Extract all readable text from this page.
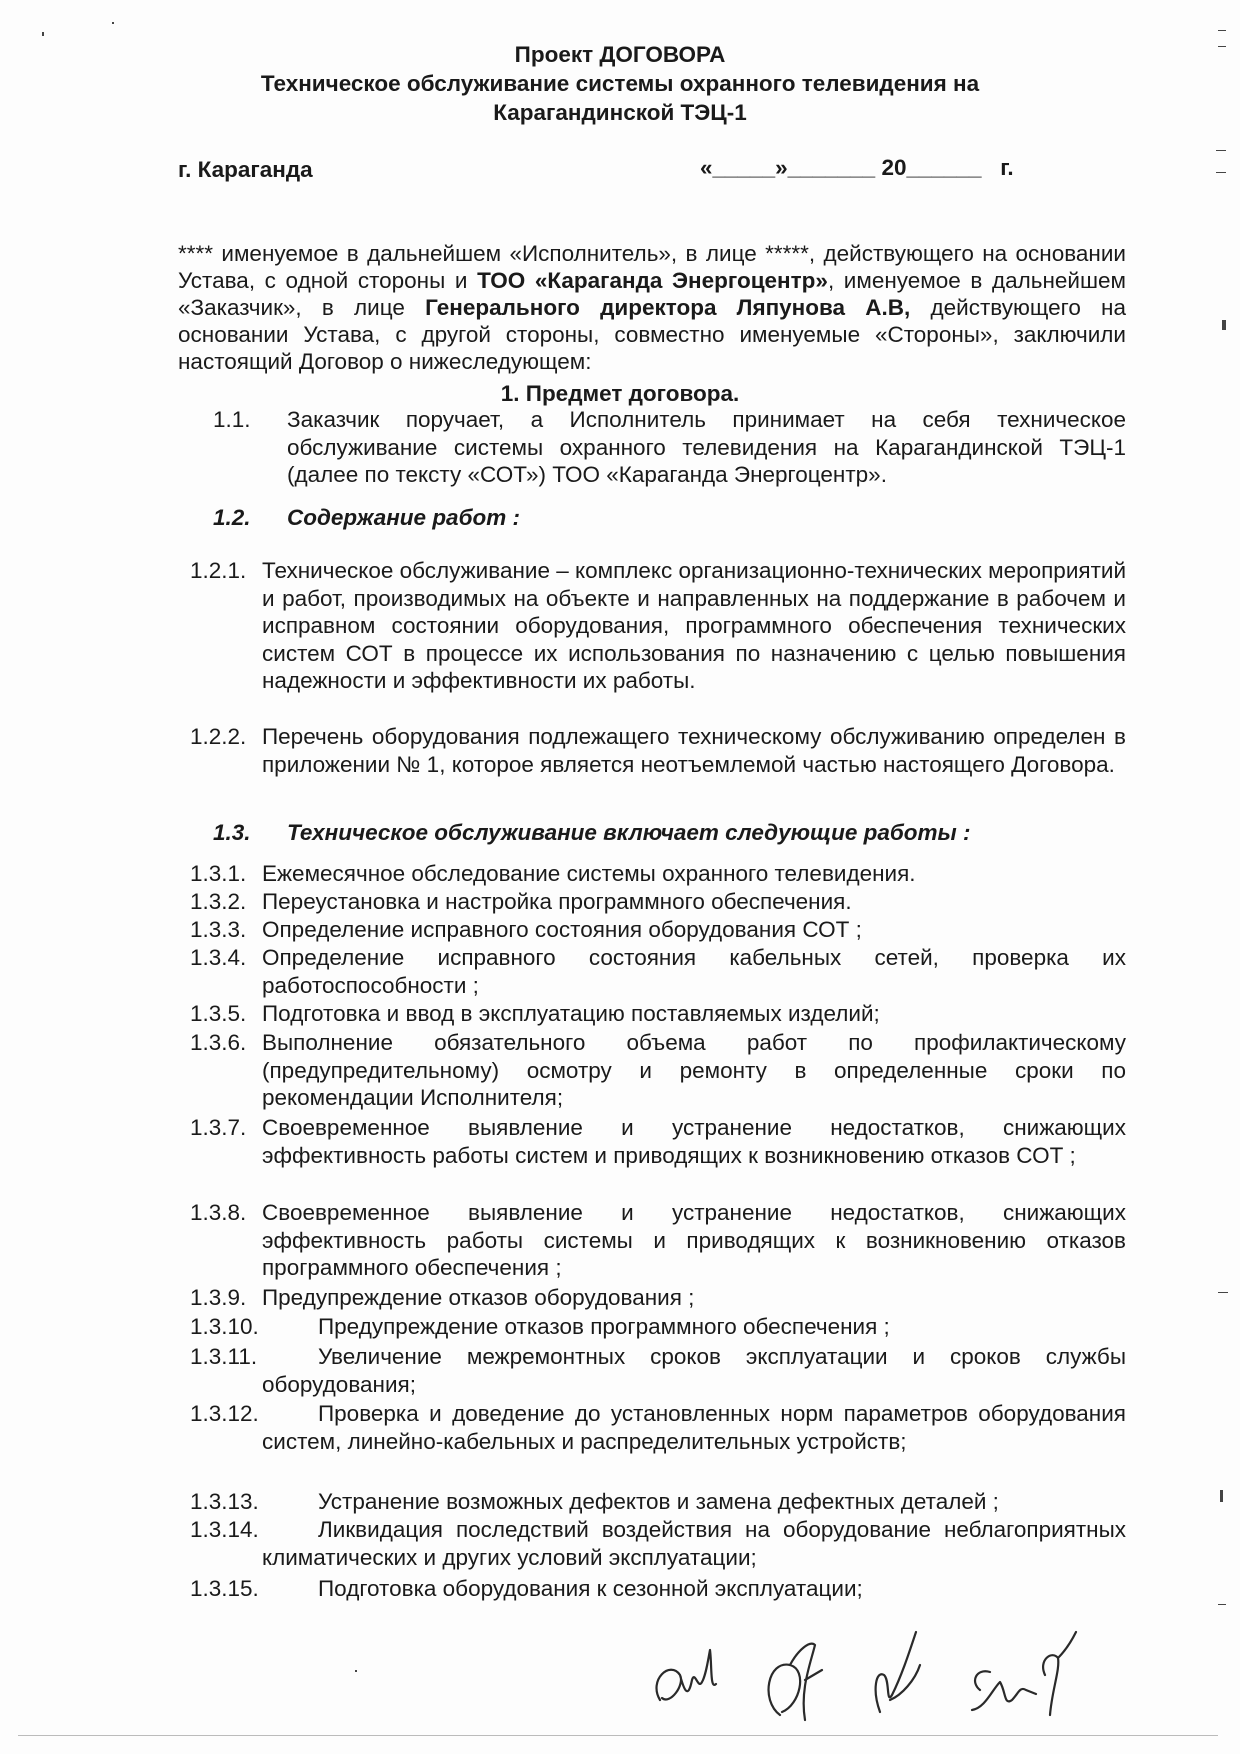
Проект ДОГОВОРА
Техническое обслуживание системы охранного телевидения на
Карагандинской ТЭЦ-1
г. Караганда	«_____»_______ 20______   г.

**** именуемое в дальнейшем «Исполнитель», в лице *****, действующего на основании Устава, с одной стороны и ТОО «Караганда Энергоцентр», именуемое в дальнейшем «Заказчик», в лице Генерального директора Ляпунова А.В, действующего на основании Устава, с другой стороны, совместно именуемые «Стороны», заключили настоящий Договор о нижеследующем:

1. Предмет договора.
1.1. Заказчик поручает, а Исполнитель принимает на себя техническое обслуживание системы охранного телевидения на Карагандинской ТЭЦ-1 (далее по тексту «СОТ») ТОО «Караганда Энергоцентр».
1.2. Содержание работ :
1.2.1. Техническое обслуживание – комплекс организационно-технических мероприятий и работ, производимых на объекте и направленных на поддержание в рабочем и исправном состоянии оборудования, программного обеспечения технических систем СОТ в процессе их использования по назначению с целью повышения надежности и эффективности их работы.
1.2.2. Перечень оборудования подлежащего техническому обслуживанию определен в приложении № 1, которое является неотъемлемой частью настоящего Договора.
1.3. Техническое обслуживание включает следующие работы :
1.3.1. Ежемесячное обследование системы охранного телевидения.
1.3.2. Переустановка и настройка программного обеспечения.
1.3.3. Определение исправного состояния оборудования СОТ ;
1.3.4. Определение исправного состояния кабельных сетей, проверка их работоспособности ;
1.3.5. Подготовка и ввод в эксплуатацию поставляемых изделий;
1.3.6. Выполнение обязательного объема работ по профилактическому (предупредительному) осмотру и ремонту в определенные сроки по рекомендации Исполнителя;
1.3.7. Своевременное выявление и устранение недостатков, снижающих эффективность работы систем и приводящих к возникновению отказов СОТ ;
1.3.8. Своевременное выявление и устранение недостатков, снижающих эффективность работы системы и приводящих к возникновению отказов программного обеспечения ;
1.3.9. Предупреждение отказов оборудования ;
1.3.10.	Предупреждение отказов программного обеспечения ;
1.3.11.	Увеличение межремонтных сроков эксплуатации и сроков службы оборудования;
1.3.12.	Проверка и доведение до установленных норм параметров оборудования систем, линейно-кабельных и распределительных устройств;
1.3.13.	Устранение возможных дефектов и замена дефектных деталей ;
1.3.14.	Ликвидация последствий воздействия на оборудование неблагоприятных климатических и других условий эксплуатации;
1.3.15.	Подготовка оборудования к сезонной эксплуатации;
